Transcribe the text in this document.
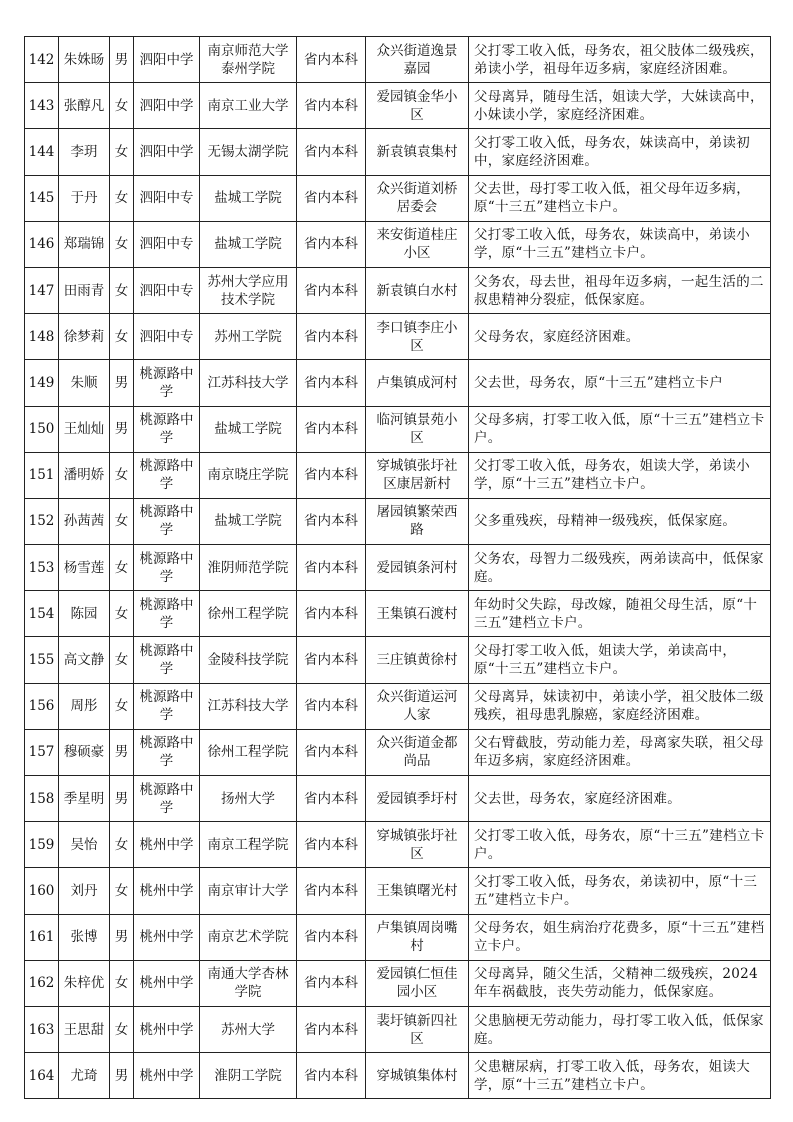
142	朱姝旸	男	泗阳中学	南京师范大学泰州学院	省内本科	众兴街道逸景嘉园	父打零工收入低，母务农，祖父肢体二级残疾，弟读小学，祖母年迈多病，家庭经济困难。
143	张醇凡	女	泗阳中学	南京工业大学	省内本科	爱园镇金华小区	父母离异，随母生活，姐读大学，大妹读高中，小妹读小学，家庭经济困难。
144	李玥	女	泗阳中学	无锡太湖学院	省内本科	新袁镇袁集村	父打零工收入低，母务农，妹读高中，弟读初中，家庭经济困难。
145	于丹	女	泗阳中专	盐城工学院	省内本科	众兴街道刘桥居委会	父去世，母打零工收入低，祖父母年迈多病，原“十三五”建档立卡户。
146	郑瑞锦	女	泗阳中专	盐城工学院	省内本科	来安街道桂庄小区	父打零工收入低，母务农，妹读高中，弟读小学，原“十三五”建档立卡户。
147	田雨青	女	泗阳中专	苏州大学应用技术学院	省内本科	新袁镇白水村	父务农，母去世，祖母年迈多病，一起生活的二叔患精神分裂症，低保家庭。
148	徐梦莉	女	泗阳中专	苏州工学院	省内本科	李口镇李庄小区	父母务农，家庭经济困难。
149	朱顺	男	桃源路中学	江苏科技大学	省内本科	卢集镇成河村	父去世，母务农，原“十三五”建档立卡户
150	王灿灿	男	桃源路中学	盐城工学院	省内本科	临河镇景苑小区	父母多病，打零工收入低，原“十三五”建档立卡户。
151	潘明娇	女	桃源路中学	南京晓庄学院	省内本科	穿城镇张圩社区康居新村	父打零工收入低，母务农，姐读大学，弟读小学，原“十三五”建档立卡户。
152	孙茜茜	女	桃源路中学	盐城工学院	省内本科	屠园镇繁荣西路	父多重残疾，母精神一级残疾，低保家庭。
153	杨雪莲	女	桃源路中学	淮阴师范学院	省内本科	爱园镇条河村	父务农，母智力二级残疾，两弟读高中，低保家庭。
154	陈园	女	桃源路中学	徐州工程学院	省内本科	王集镇石渡村	年幼时父失踪，母改嫁，随祖父母生活，原“十三五”建档立卡户。
155	高文静	女	桃源路中学	金陵科技学院	省内本科	三庄镇黄徐村	父母打零工收入低，姐读大学，弟读高中，原“十三五”建档立卡户。
156	周彤	女	桃源路中学	江苏科技大学	省内本科	众兴街道运河人家	父母离异，妹读初中，弟读小学，祖父肢体二级残疾，祖母患乳腺癌，家庭经济困难。
157	穆硕豪	男	桃源路中学	徐州工程学院	省内本科	众兴街道金都尚品	父右臂截肢，劳动能力差，母离家失联，祖父母年迈多病，家庭经济困难。
158	季星明	男	桃源路中学	扬州大学	省内本科	爱园镇季圩村	父去世，母务农，家庭经济困难。
159	吴怡	女	桃州中学	南京工程学院	省内本科	穿城镇张圩社区	父打零工收入低，母务农，原“十三五”建档立卡户。
160	刘丹	女	桃州中学	南京审计大学	省内本科	王集镇曙光村	父打零工收入低，母务农，弟读初中，原“十三五”建档立卡户。
161	张博	男	桃州中学	南京艺术学院	省内本科	卢集镇周岗嘴村	父母务农，姐生病治疗花费多，原“十三五”建档立卡户。
162	朱梓优	女	桃州中学	南通大学杏林学院	省内本科	爱园镇仁恒佳园小区	父母离异，随父生活，父精神二级残疾，2024年车祸截肢，丧失劳动能力，低保家庭。
163	王思甜	女	桃州中学	苏州大学	省内本科	裴圩镇新四社区	父患脑梗无劳动能力，母打零工收入低，低保家庭。
164	尤琦	男	桃州中学	淮阴工学院	省内本科	穿城镇集体村	父患糖尿病，打零工收入低，母务农，姐读大学，原“十三五”建档立卡户。
